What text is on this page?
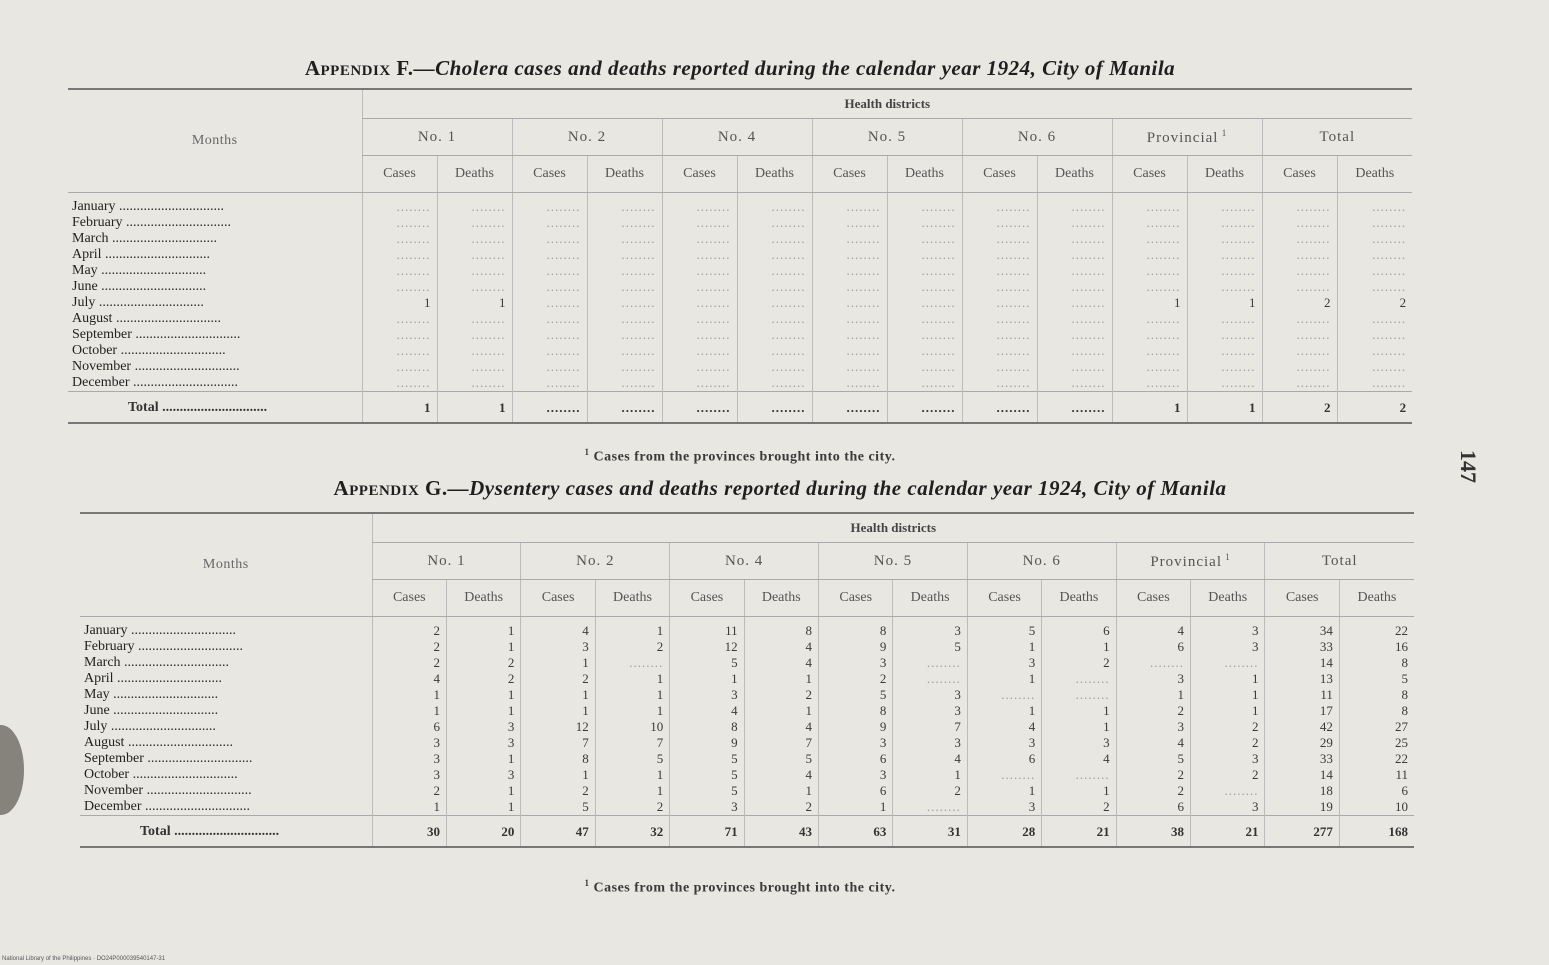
Appendix F.—Cholera cases and deaths reported during the calendar year 1924, City of Manila
Months	Health districts													
	No. 1		No. 2		No. 4		No. 5		No. 6		Provincial $^1$		Total	
	Cases	Deaths	Cases	Deaths	Cases	Deaths	Cases	Deaths	Cases	Deaths	Cases	Deaths	Cases	Deaths
January ..............................	........	........	........	........	........	........	........	........	........	........	........	........	........	........
February ..............................	........	........	........	........	........	........	........	........	........	........	........	........	........	........
March ..............................	........	........	........	........	........	........	........	........	........	........	........	........	........	........
April ..............................	........	........	........	........	........	........	........	........	........	........	........	........	........	........
May ..............................	........	........	........	........	........	........	........	........	........	........	........	........	........	........
June ..............................	........	........	........	........	........	........	........	........	........	........	........	........	........	........
July ..............................	1	1	........	........	........	........	........	........	........	........	1	1	2	2
August ..............................	........	........	........	........	........	........	........	........	........	........	........	........	........	........
September ..............................	........	........	........	........	........	........	........	........	........	........	........	........	........	........
October ..............................	........	........	........	........	........	........	........	........	........	........	........	........	........	........
November ..............................	........	........	........	........	........	........	........	........	........	........	........	........	........	........
December ..............................	........	........	........	........	........	........	........	........	........	........	........	........	........	........
Total ..............................	1	1	........	........	........	........	........	........	........	........	1	1	2	2
$^1$ Cases from the provinces brought into the city.
Appendix G.—Dysentery cases and deaths reported during the calendar year 1924, City of Manila
Months	Health districts													
	No. 1		No. 2		No. 4		No. 5		No. 6		Provincial $^1$		Total	
	Cases	Deaths	Cases	Deaths	Cases	Deaths	Cases	Deaths	Cases	Deaths	Cases	Deaths	Cases	Deaths
January ..............................	2	1	4	1	11	8	8	3	5	6	4	3	34	22
February ..............................	2	1	3	2	12	4	9	5	1	1	6	3	33	16
March ..............................	2	2	1	........	5	4	3	........	3	2	........	........	14	8
April ..............................	4	2	2	1	1	1	2	........	1	........	3	1	13	5
May ..............................	1	1	1	1	3	2	5	3	........	........	1	1	11	8
June ..............................	1	1	1	1	4	1	8	3	1	1	2	1	17	8
July ..............................	6	3	12	10	8	4	9	7	4	1	3	2	42	27
August ..............................	3	3	7	7	9	7	3	3	3	3	4	2	29	25
September ..............................	3	1	8	5	5	5	6	4	6	4	5	3	33	22
October ..............................	3	3	1	1	5	4	3	1	........	........	2	2	14	11
November ..............................	2	1	2	1	5	1	6	2	1	1	2	........	18	6
December ..............................	1	1	5	2	3	2	1	........	3	2	6	3	19	10
Total ..............................	30	20	47	32	71	43	63	31	28	21	38	21	277	168
$^1$ Cases from the provinces brought into the city.
147
National Library of the Philippines · DO24P000039540147-31
